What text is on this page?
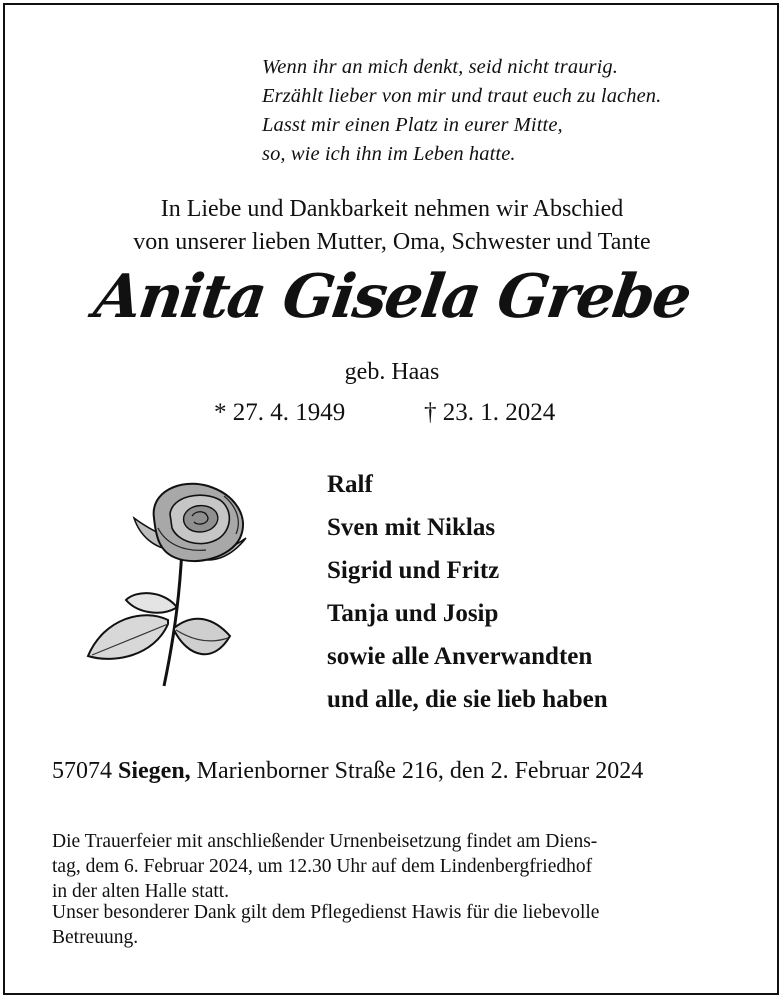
Wenn ihr an mich denkt, seid nicht traurig.
Erzählt lieber von mir und traut euch zu lachen.
Lasst mir einen Platz in eurer Mitte,
so, wie ich ihn im Leben hatte.
In Liebe und Dankbarkeit nehmen wir Abschied
von unserer lieben Mutter, Oma, Schwester und Tante
Anita Gisela Grebe
geb. Haas
* 27. 4. 1949	† 23. 1. 2024
Ralf
Sven mit Niklas
Sigrid und Fritz
Tanja und Josip
sowie alle Anverwandten
und alle, die sie lieb haben
57074 Siegen, Marienborner Straße 216, den 2. Februar 2024
Die Trauerfeier mit anschließender Urnenbeisetzung findet am Diens-
tag, dem 6. Februar 2024, um 12.30 Uhr auf dem Lindenbergfriedhof
in der alten Halle statt.
Unser besonderer Dank gilt dem Pflegedienst Hawis für die liebevolle
Betreuung.
